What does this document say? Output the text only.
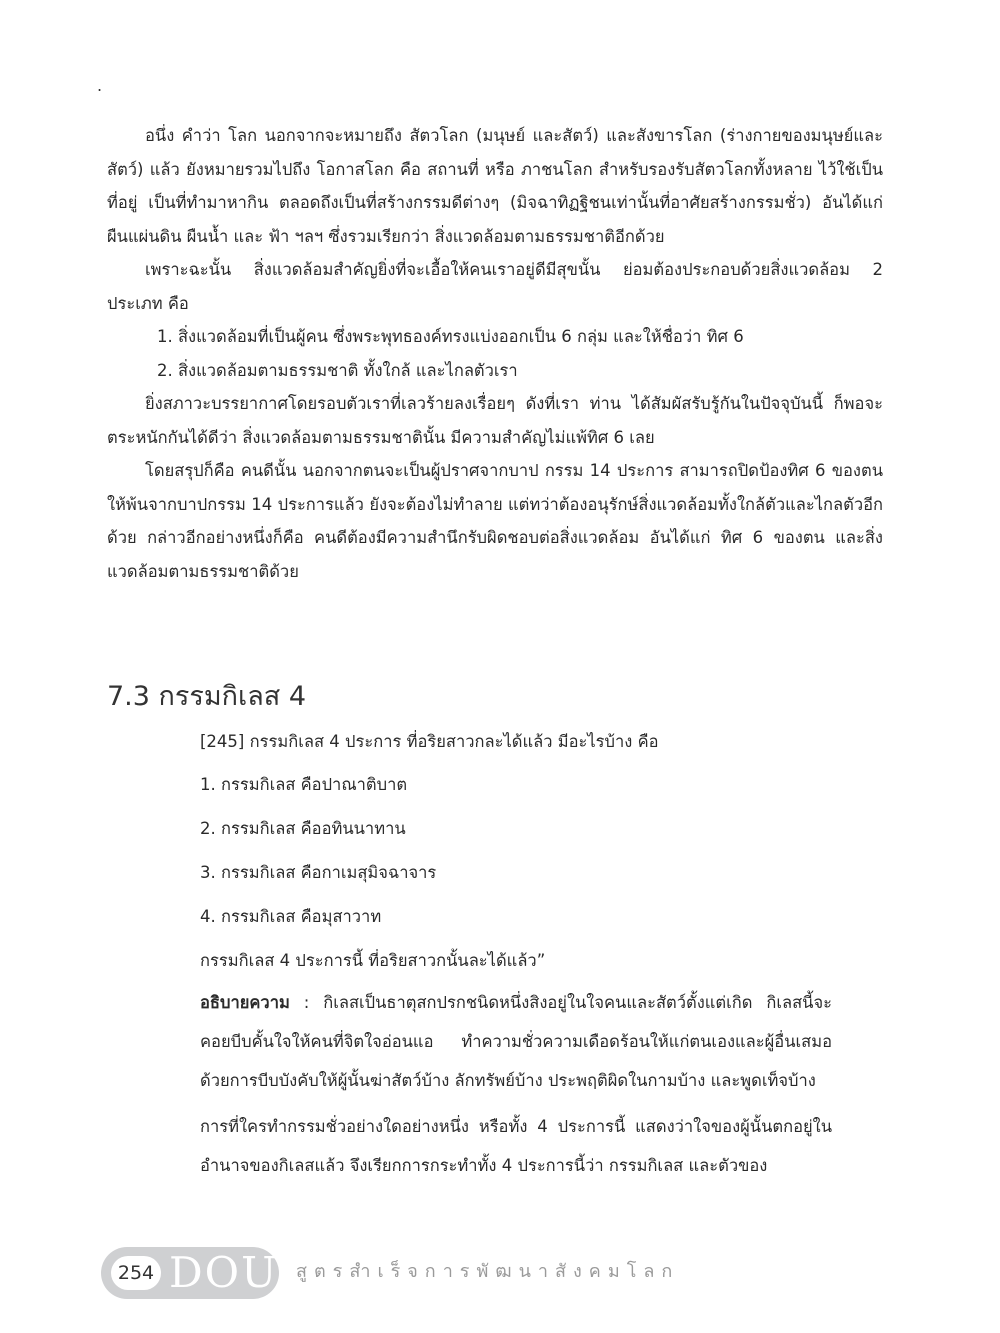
.

อนึ่ง คำว่า โลก นอกจากจะหมายถึง สัตวโลก (มนุษย์ และสัตว์) และสังขารโลก (ร่างกายของมนุษย์และสัตว์) แล้ว ยังหมายรวมไปถึง โอกาสโลก คือ สถานที่ หรือ ภาชนโลก สำหรับรองรับสัตวโลกทั้งหลาย ไว้ใช้เป็นที่อยู่ เป็นที่ทำมาหากิน ตลอดถึงเป็นที่สร้างกรรมดีต่างๆ (มิจฉาทิฏฐิชนเท่านั้นที่อาศัยสร้างกรรมชั่ว) อันได้แก่ ผืนแผ่นดิน ผืนน้ำ และ ฟ้า ฯลฯ ซึ่งรวมเรียกว่า สิ่งแวดล้อมตามธรรมชาติอีกด้วย

เพราะฉะนั้น สิ่งแวดล้อมสำคัญยิ่งที่จะเอื้อให้คนเราอยู่ดีมีสุขนั้น ย่อมต้องประกอบด้วยสิ่งแวดล้อม 2 ประเภท คือ

1. สิ่งแวดล้อมที่เป็นผู้คน ซึ่งพระพุทธองค์ทรงแบ่งออกเป็น 6 กลุ่ม และให้ชื่อว่า ทิศ 6

2. สิ่งแวดล้อมตามธรรมชาติ ทั้งใกล้ และไกลตัวเรา

ยิ่งสภาวะบรรยากาศโดยรอบตัวเราที่เลวร้ายลงเรื่อยๆ ดังที่เรา ท่าน ได้สัมผัสรับรู้กันในปัจจุบันนี้ ก็พอจะตระหนักกันได้ดีว่า สิ่งแวดล้อมตามธรรมชาตินั้น มีความสำคัญไม่แพ้ทิศ 6 เลย

โดยสรุปก็คือ คนดีนั้น นอกจากตนจะเป็นผู้ปราศจากบาป กรรม 14 ประการ สามารถปิดป้องทิศ 6 ของตนให้พ้นจากบาปกรรม 14 ประการแล้ว ยังจะต้องไม่ทำลาย แต่ทว่าต้องอนุรักษ์สิ่งแวดล้อมทั้งใกล้ตัวและไกลตัวอีกด้วย กล่าวอีกอย่างหนึ่งก็คือ คนดีต้องมีความสำนึกรับผิดชอบต่อสิ่งแวดล้อม อันได้แก่ ทิศ 6 ของตน และสิ่งแวดล้อมตามธรรมชาติด้วย

7.3 กรรมกิเลส 4
[245] กรรมกิเลส 4 ประการ ที่อริยสาวกละได้แล้ว มีอะไรบ้าง คือ
1. กรรมกิเลส คือปาณาติบาต
2. กรรมกิเลส คืออทินนาทาน
3. กรรมกิเลส คือกาเมสุมิจฉาจาร
4. กรรมกิเลส คือมุสาวาท
กรรมกิเลส 4 ประการนี้ ที่อริยสาวกนั้นละได้แล้ว”

อธิบายความ : กิเลสเป็นธาตุสกปรกชนิดหนึ่งสิงอยู่ในใจคนและสัตว์ตั้งแต่เกิด กิเลสนี้จะคอยบีบคั้นใจให้คนที่จิตใจอ่อนแอ ทำความชั่วความเดือดร้อนให้แก่ตนเองและผู้อื่นเสมอด้วยการบีบบังคับให้ผู้นั้นฆ่าสัตว์บ้าง ลักทรัพย์บ้าง ประพฤติผิดในกามบ้าง และพูดเท็จบ้าง

การที่ใครทำกรรมชั่วอย่างใดอย่างหนึ่ง หรือทั้ง 4 ประการนี้ แสดงว่าใจของผู้นั้นตกอยู่ในอำนาจของกิเลสแล้ว จึงเรียกการกระทำทั้ง 4 ประการนี้ว่า กรรมกิเลส และตัวของ

254 DOU สูตรสำเร็จการพัฒนาสังคมโลก
